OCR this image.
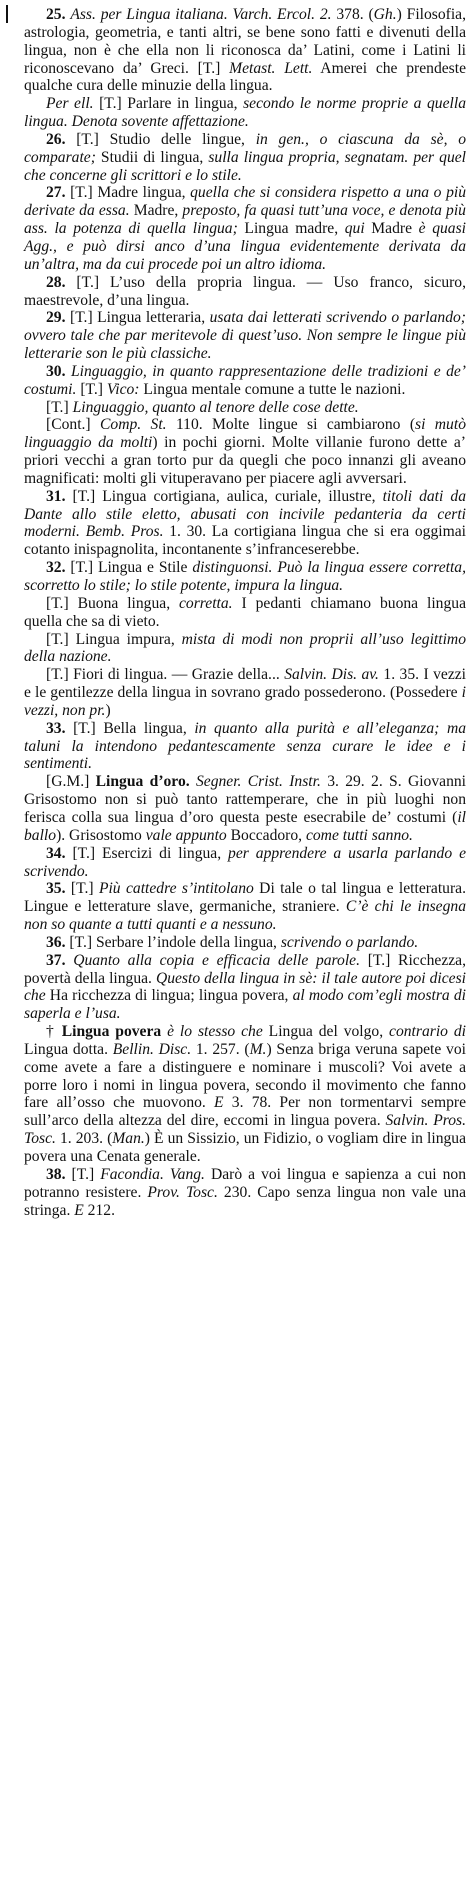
25. Ass. per Lingua italiana. Varch. Ercol. 2. 378. (Gh.) Filosofia, astrologia, geometria, e tanti altri, se bene sono fatti e divenuti della lingua, non è che ella non li riconosca da’ Latini, come i Latini li riconoscevano da’ Greci. [T.] Metast. Lett. Amerei che prendeste qualche cura delle minuzie della lingua.

Per ell. [T.] Parlare in lingua, secondo le norme proprie a quella lingua. Denota sovente affettazione.

26. [T.] Studio delle lingue, in gen., o ciascuna da sè, o comparate; Studii di lingua, sulla lingua propria, segnatam. per quel che concerne gli scrittori e lo stile.

27. [T.] Madre lingua, quella che si considera rispetto a una o più derivate da essa. Madre, preposto, fa quasi tutt’una voce, e denota più ass. la potenza di quella lingua; Lingua madre, qui Madre è quasi Agg., e può dirsi anco d’una lingua evidentemente derivata da un’altra, ma da cui procede poi un altro idioma.

28. [T.] L’uso della propria lingua. — Uso franco, sicuro, maestrevole, d’una lingua.

29. [T.] Lingua letteraria, usata dai letterati scrivendo o parlando; ovvero tale che par meritevole di quest’uso. Non sempre le lingue più letterarie son le più classiche.

30. Linguaggio, in quanto rappresentazione delle tradizioni e de’ costumi. [T.] Vico: Lingua mentale comune a tutte le nazioni.

[T.] Linguaggio, quanto al tenore delle cose dette.

[Cont.] Comp. St. 110. Molte lingue si cambiarono (si mutò linguaggio da molti) in pochi giorni. Molte villanie furono dette a’ priori vecchi a gran torto pur da quegli che poco innanzi gli aveano magnificati: molti gli vituperavano per piacere agli avversari.

31. [T.] Lingua cortigiana, aulica, curiale, illustre, titoli dati da Dante allo stile eletto, abusati con incivile pedanteria da certi moderni. Bemb. Pros. 1. 30. La cortigiana lingua che si era oggimai cotanto inispagnolita, incontanente s’infranceserebbe.

32. [T.] Lingua e Stile distinguonsi. Può la lingua essere corretta, scorretto lo stile; lo stile potente, impura la lingua.

[T.] Buona lingua, corretta. I pedanti chiamano buona lingua quella che sa di vieto.

[T.] Lingua impura, mista di modi non proprii all’uso legittimo della nazione.

[T.] Fiori di lingua. — Grazie della... Salvin. Dis. av. 1. 35. I vezzi e le gentilezze della lingua in sovrano grado possederono. (Possedere i vezzi, non pr.)

33. [T.] Bella lingua, in quanto alla purità e all’eleganza; ma taluni la intendono pedantescamente senza curare le idee e i sentimenti.

[G.M.] Lingua d’oro. Segner. Crist. Instr. 3. 29. 2. S. Giovanni Grisostomo non si può tanto rattemperare, che in più luoghi non ferisca colla sua lingua d’oro questa peste esecrabile de’ costumi (il ballo). Grisostomo vale appunto Boccadoro, come tutti sanno.

34. [T.] Esercizi di lingua, per apprendere a usarla parlando e scrivendo.

35. [T.] Più cattedre s’intitolano Di tale o tal lingua e letteratura. Lingue e letterature slave, germaniche, straniere. C’è chi le insegna non so quante a tutti quanti e a nessuno.

36. [T.] Serbare l’indole della lingua, scrivendo o parlando.

37. Quanto alla copia e efficacia delle parole. [T.] Ricchezza, povertà della lingua. Questo della lingua in sè: il tale autore poi dicesi che Ha ricchezza di lingua; lingua povera, al modo com’egli mostra di saperla e l’usa.

† Lingua povera è lo stesso che Lingua del volgo, contrario di Lingua dotta. Bellin. Disc. 1. 257. (M.) Senza briga veruna sapete voi come avete a fare a distinguere e nominare i muscoli? Voi avete a porre loro i nomi in lingua povera, secondo il movimento che fanno fare all’osso che muovono. E 3. 78. Per non tormentarvi sempre sull’arco della altezza del dire, eccomi in lingua povera. Salvin. Pros. Tosc. 1. 203. (Man.) È un Sissizio, un Fidizio, o vogliam dire in lingua povera una Cenata generale.

38. [T.] Facondia. Vang. Darò a voi lingua e sapienza a cui non potranno resistere. Prov. Tosc. 230. Capo senza lingua non vale una stringa. E 212.
